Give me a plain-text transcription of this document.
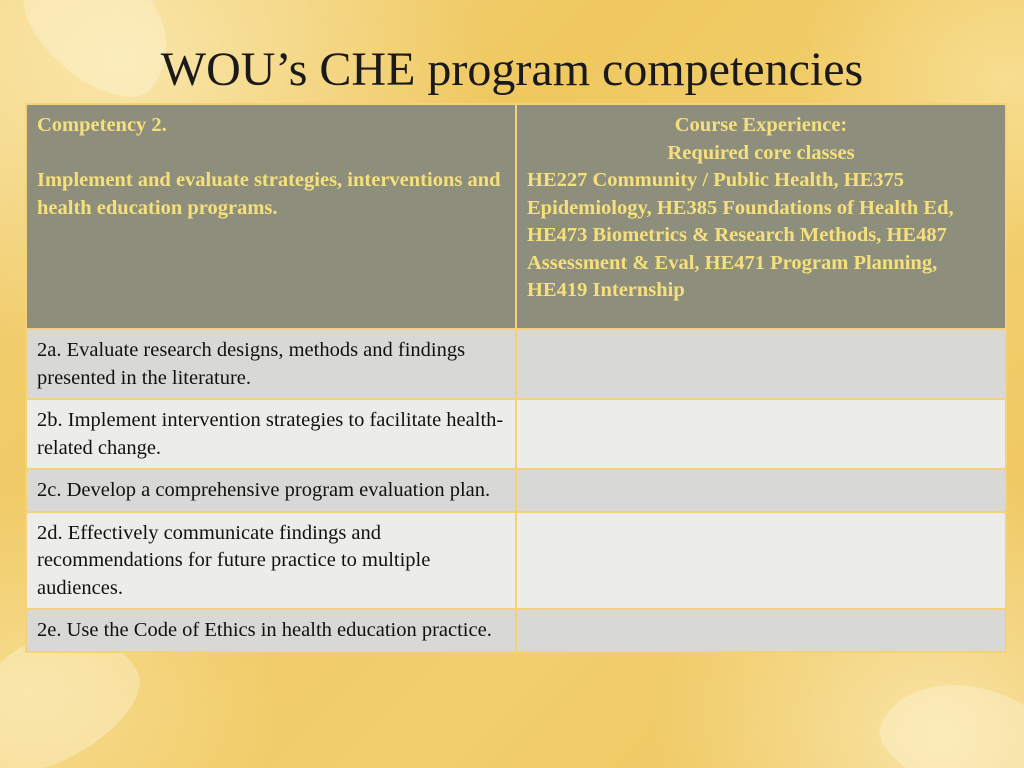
WOU’s CHE program competencies
Competency 2.

Implement and evaluate strategies, interventions and health education programs.	Course Experience:
Required core classes
HE227 Community / Public Health, HE375 Epidemiology, HE385 Foundations of Health Ed, HE473 Biometrics & Research Methods, HE487 Assessment & Eval, HE471 Program Planning, HE419 Internship
2a. Evaluate research designs, methods and findings presented in the literature.	
2b. Implement intervention strategies to facilitate health-related change.	
2c. Develop a comprehensive program evaluation plan.	
2d. Effectively communicate findings and recommendations for future practice to multiple audiences.	
2e. Use the Code of Ethics in health education practice.	
